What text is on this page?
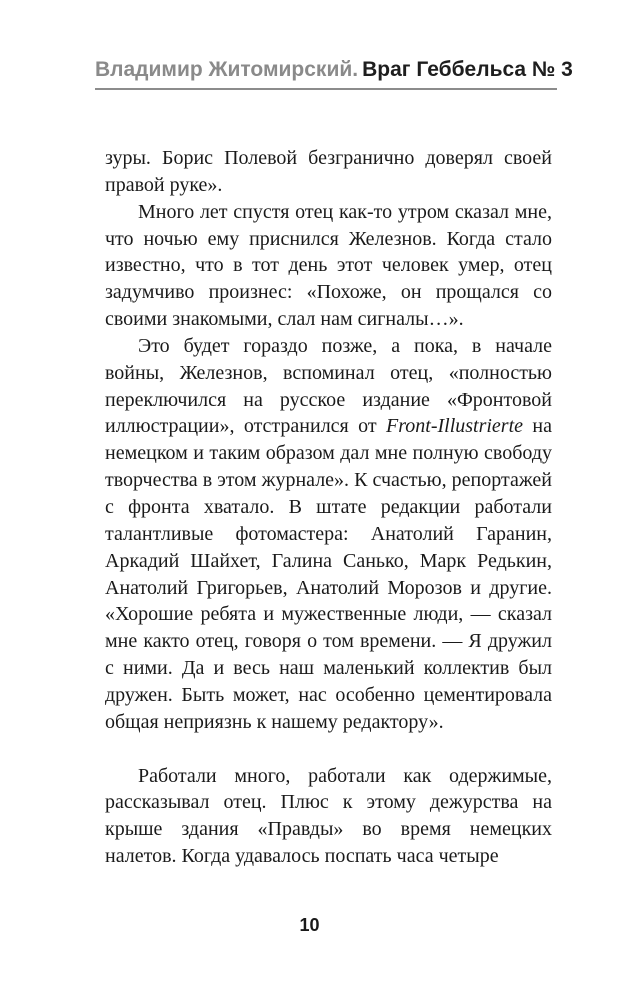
Владимир Житомирский. Враг Геббельса № 3

зуры. Борис Полевой безгранично доверял своей правой руке».

Много лет спустя отец как-то утром сказал мне, что ночью ему приснился Железнов. Когда стало известно, что в тот день этот человек умер, отец задумчиво произнес: «Похоже, он прощался со своими знакомыми, слал нам сигналы…».

Это будет гораздо позже, а пока, в начале войны, Железнов, вспоминал отец, «полностью переключился на русское издание «Фронтовой иллюстрации», отстранился от Front-Illustrierte на немецком и таким образом дал мне полную свободу творчества в этом журнале». К счастью, репортажей с фронта хватало. В штате редакции работали талантливые фотомастера: Анатолий Гаранин, Аркадий Шайхет, Галина Санько, Марк Редькин, Анатолий Григорьев, Анатолий Морозов и другие. «Хорошие ребята и мужественные люди, — сказал мне както отец, говоря о том времени. — Я дружил с ними. Да и весь наш маленький коллектив был дружен. Быть может, нас особенно цементировала общая неприязнь к нашему редактору».

Работали много, работали как одержимые, рассказывал отец. Плюс к этому дежурства на крыше здания «Правды» во время немецких налетов. Когда удавалось поспать часа четыре

10
